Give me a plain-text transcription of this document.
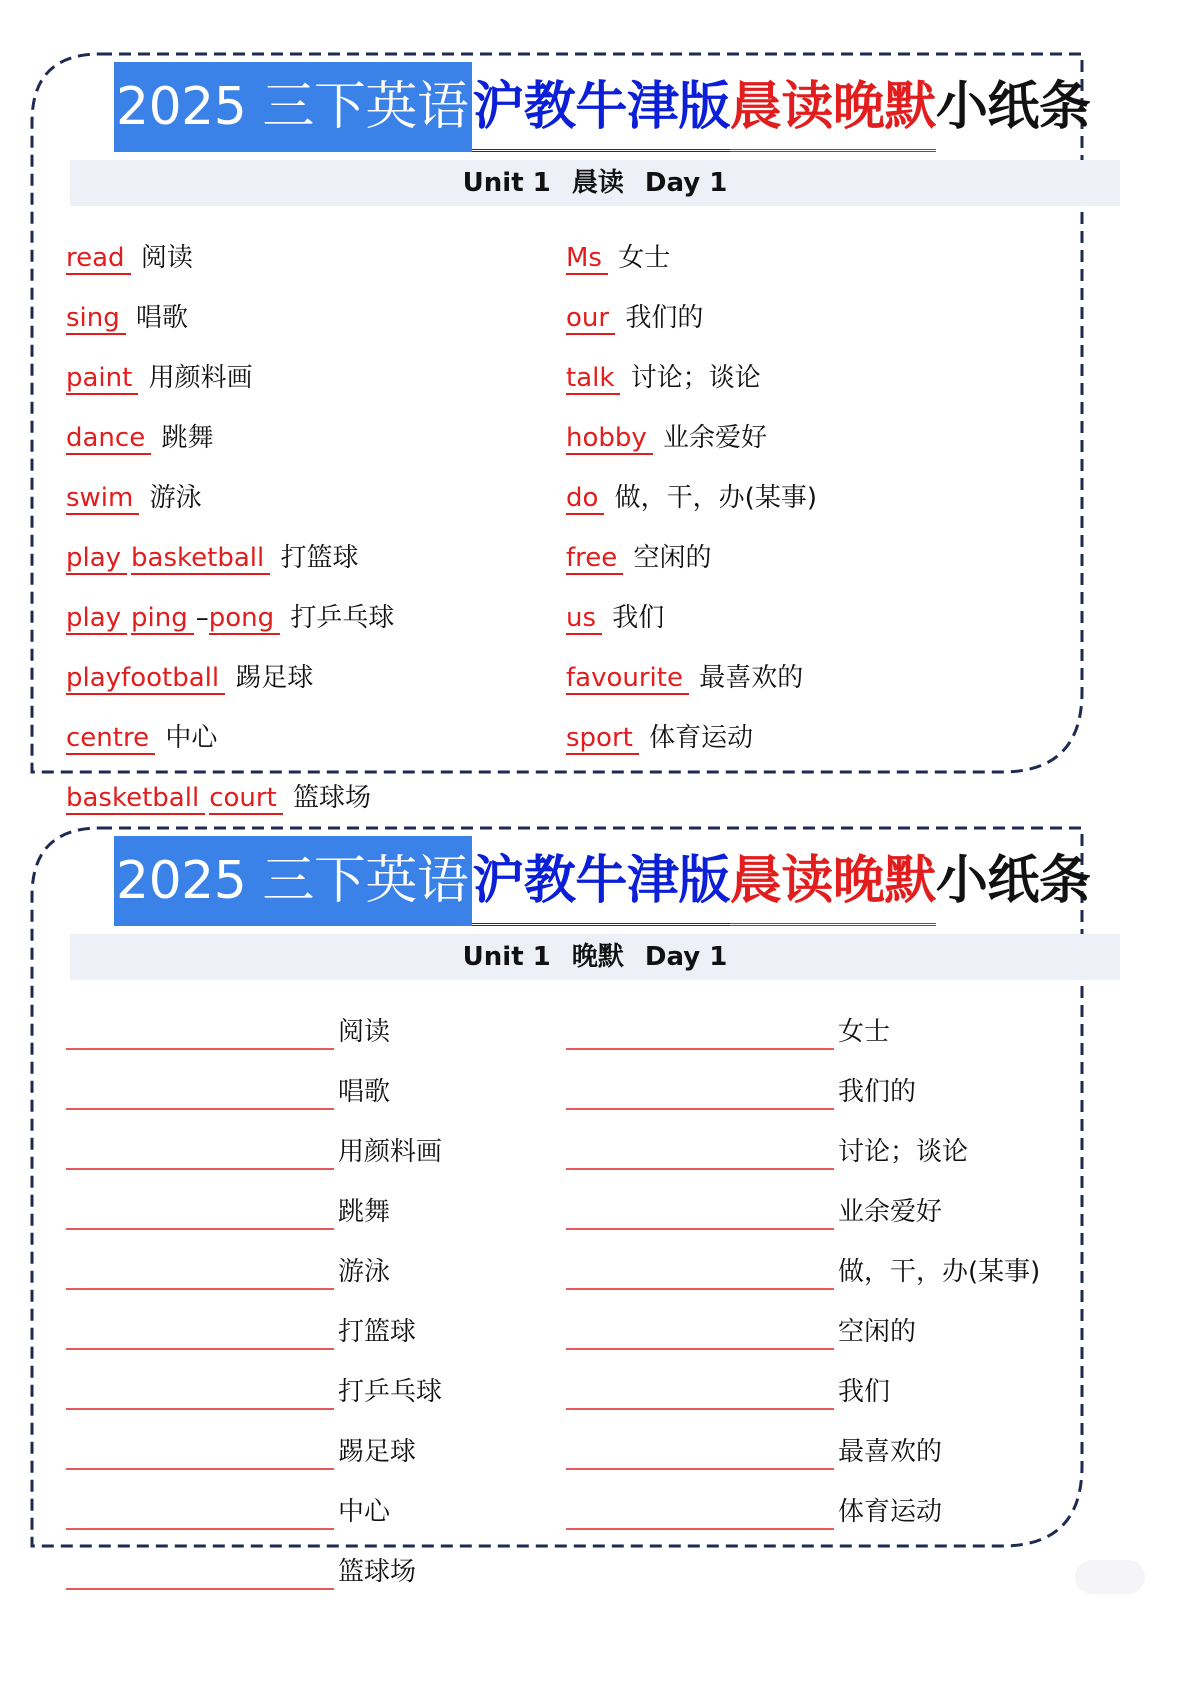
2025 三下英语沪教牛津版晨读晚默小纸条
Unit 1 晨读 Day 1
read 阅读
sing 唱歌
paint 用颜料画
dance 跳舞
swim 游泳
play basketball 打篮球
play ping –pong 打乒乓球
playfootball 踢足球
centre 中心
basketball court 篮球场
Ms 女士
our 我们的
talk 讨论；谈论
hobby 业余爱好
do 做，干，办(某事)
free 空闲的
us 我们
favourite 最喜欢的
sport 体育运动
2025 三下英语沪教牛津版晨读晚默小纸条
Unit 1 晚默 Day 1
阅读
唱歌
用颜料画
跳舞
游泳
打篮球
打乒乓球
踢足球
中心
篮球场
女士
我们的
讨论；谈论
业余爱好
做，干，办(某事)
空闲的
我们
最喜欢的
体育运动
